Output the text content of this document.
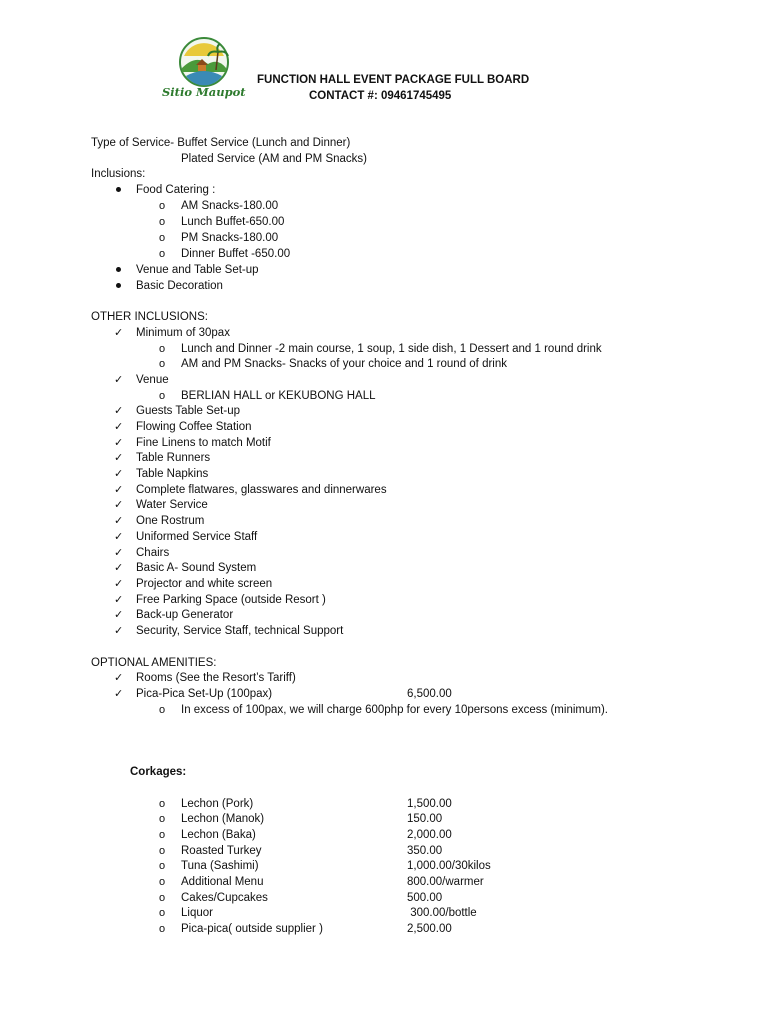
Sitio Maupot
FUNCTION HALL EVENT PACKAGE FULL BOARD
CONTACT #: 09461745495
Type of Service- Buffet Service (Lunch and Dinner)
Plated Service (AM and PM Snacks)
Inclusions:
Food Catering :
o AM Snacks-180.00
o Lunch Buffet-650.00
o PM Snacks-180.00
o Dinner Buffet -650.00
Venue and Table Set-up
Basic Decoration
OTHER INCLUSIONS:
✓ Minimum of 30pax
o Lunch and Dinner -2 main course, 1 soup, 1 side dish, 1 Dessert and 1 round drink
o AM and PM Snacks- Snacks of your choice and 1 round of drink
✓ Venue
o BERLIAN HALL or KEKUBONG HALL
✓ Guests Table Set-up
✓ Flowing Coffee Station
✓ Fine Linens to match Motif
✓ Table Runners
✓ Table Napkins
✓ Complete flatwares, glasswares and dinnerwares
✓ Water Service
✓ One Rostrum
✓ Uniformed Service Staff
✓ Chairs
✓ Basic A- Sound System
✓ Projector and white screen
✓ Free Parking Space (outside Resort )
✓ Back-up Generator
✓ Security, Service Staff, technical Support
OPTIONAL AMENITIES:
✓ Rooms (See the Resort’s Tariff)
✓ Pica-Pica Set-Up (100pax)	6,500.00
o In excess of 100pax, we will charge 600php for every 10persons excess (minimum).
Corkages:
o Lechon (Pork)	1,500.00
o Lechon (Manok)	150.00
o Lechon (Baka)	2,000.00
o Roasted Turkey	350.00
o Tuna (Sashimi)	1,000.00/30kilos
o Additional Menu	800.00/warmer
o Cakes/Cupcakes	500.00
o Liquor	300.00/bottle
o Pica-pica( outside supplier )	2,500.00
